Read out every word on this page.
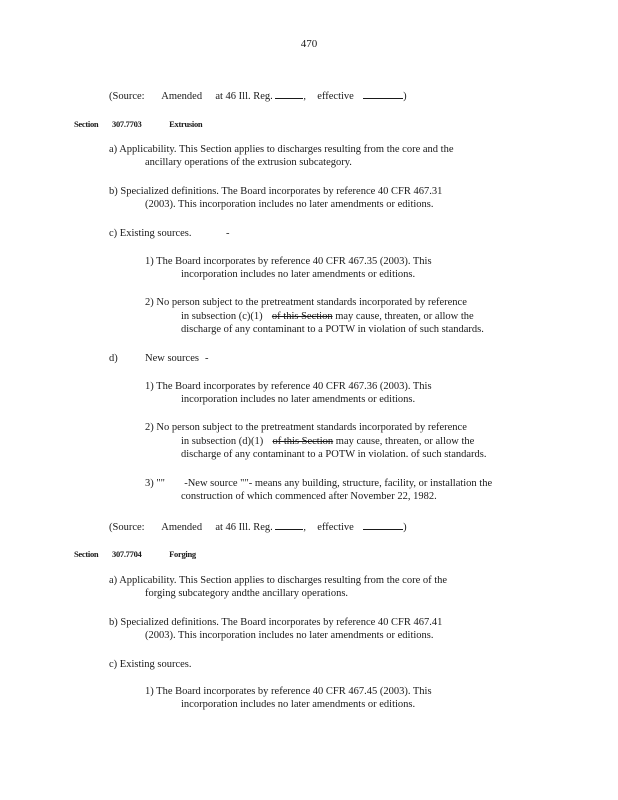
470
(Source: Amended at 46 Ill. Reg.	, effective	)
Section 307.7703	Extrusion
a) Applicability. This Section applies to discharges resulting from the core and the
ancillary operations of the extrusion subcategory.
b) Specialized definitions. The Board incorporates by reference 40 CFR 467.31
(2003). This incorporation includes no later amendments or editions.
c) Existing sources.	-
1) The Board incorporates by reference 40 CFR 467.35 (2003). This
incorporation includes no later amendments or editions.
2) No person subject to the pretreatment standards incorporated by reference
in subsection (c)(1) of this Section may cause, threaten, or allow the
discharge of any contaminant to a POTW in violation of such standards.
d)	New sources -
1) The Board incorporates by reference 40 CFR 467.36 (2003). This
incorporation includes no later amendments or editions.
2) No person subject to the pretreatment standards incorporated by reference
in subsection (d)(1) of this Section may cause, threaten, or allow the
discharge of any contaminant to a POTW in violation. of such standards.
3) "" -New source ""- means any building, structure, facility, or installation the
construction of which commenced after November 22, 1982.
(Source: Amended at 46 Ill. Reg.	, effective	)
Section 307.7704	Forging
a) Applicability. This Section applies to discharges resulting from the core of the
forging subcategory andthe ancillary operations.
b) Specialized definitions. The Board incorporates by reference 40 CFR 467.41
(2003). This incorporation includes no later amendments or editions.
c) Existing sources.
1) The Board incorporates by reference 40 CFR 467.45 (2003). This
incorporation includes no later amendments or editions.
